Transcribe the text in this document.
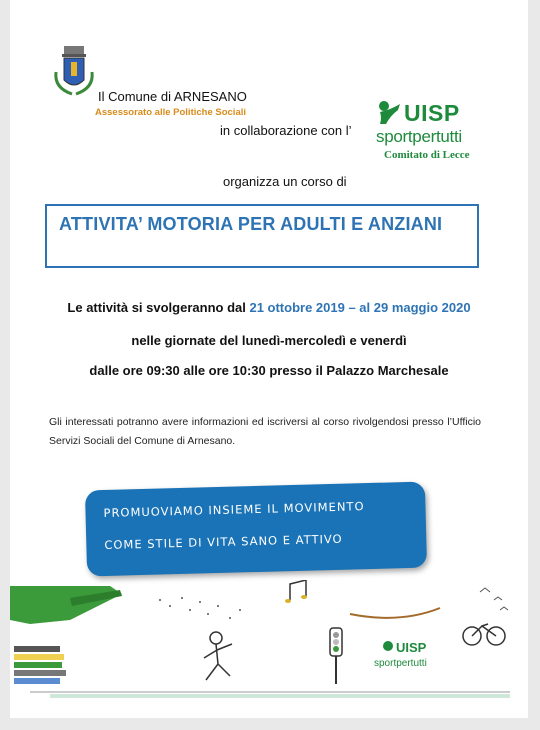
Il Comune di ARNESANO
Assessorato alle Politiche Sociali
in collaborazione con l’
UISP
sportpertutti
Comitato di Lecce
organizza un corso di
ATTIVITA’ MOTORIA PER ADULTI E ANZIANI
Le attività si svolgeranno dal 21 ottobre 2019 – al 29 maggio 2020
nelle giornate del lunedì-mercoledì e venerdì
dalle ore 09:30 alle ore 10:30 presso il Palazzo Marchesale
Gli interessati potranno avere informazioni ed iscriversi al corso rivolgendosi presso l’Ufficio Servizi Sociali del Comune di Arnesano.
PROMUOVIAMO INSIEME IL MOVIMENTO
COME STILE DI VITA SANO E ATTIVO
UISP
sportpertutti
